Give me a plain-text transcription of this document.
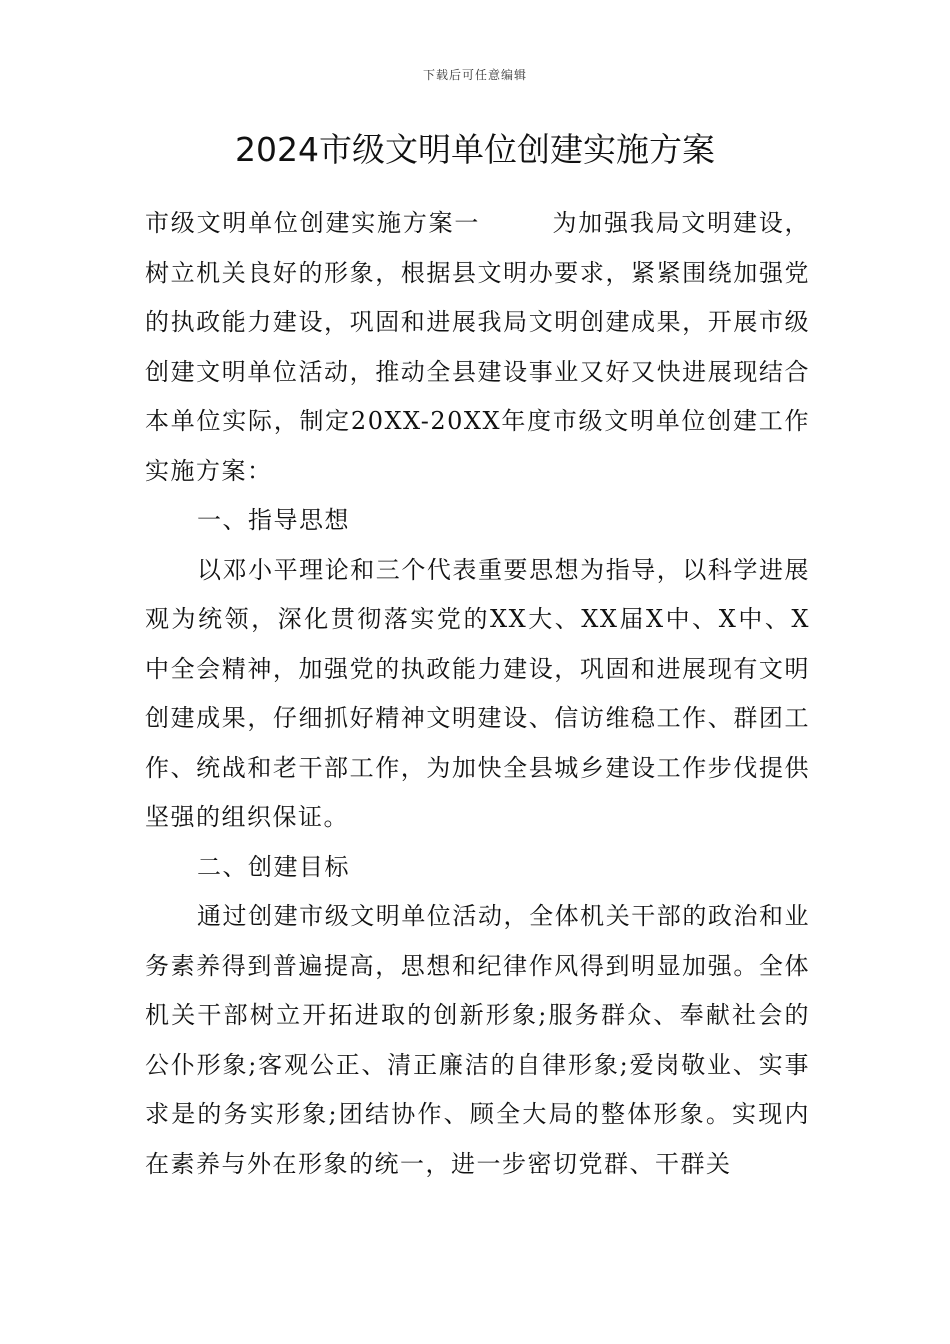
下载后可任意编辑
2024市级文明单位创建实施方案

市级文明单位创建实施方案一	为加强我局文明建设，树立机关良好的形象，根据县文明办要求，紧紧围绕加强党的执政能力建设，巩固和进展我局文明创建成果，开展市级创建文明单位活动，推动全县建设事业又好又快进展现结合本单位实际，制定20XX-20XX年度市级文明单位创建工作实施方案：

一、指导思想

以邓小平理论和三个代表重要思想为指导，以科学进展观为统领，深化贯彻落实党的XX大、XX届X中、X中、X中全会精神，加强党的执政能力建设，巩固和进展现有文明创建成果，仔细抓好精神文明建设、信访维稳工作、群团工作、统战和老干部工作，为加快全县城乡建设工作步伐提供坚强的组织保证。

二、创建目标

通过创建市级文明单位活动，全体机关干部的政治和业务素养得到普遍提高，思想和纪律作风得到明显加强。全体机关干部树立开拓进取的创新形象;服务群众、奉献社会的公仆形象;客观公正、清正廉洁的自律形象;爱岗敬业、实事求是的务实形象;团结协作、顾全大局的整体形象。实现内在素养与外在形象的统一，进一步密切党群、干群关
